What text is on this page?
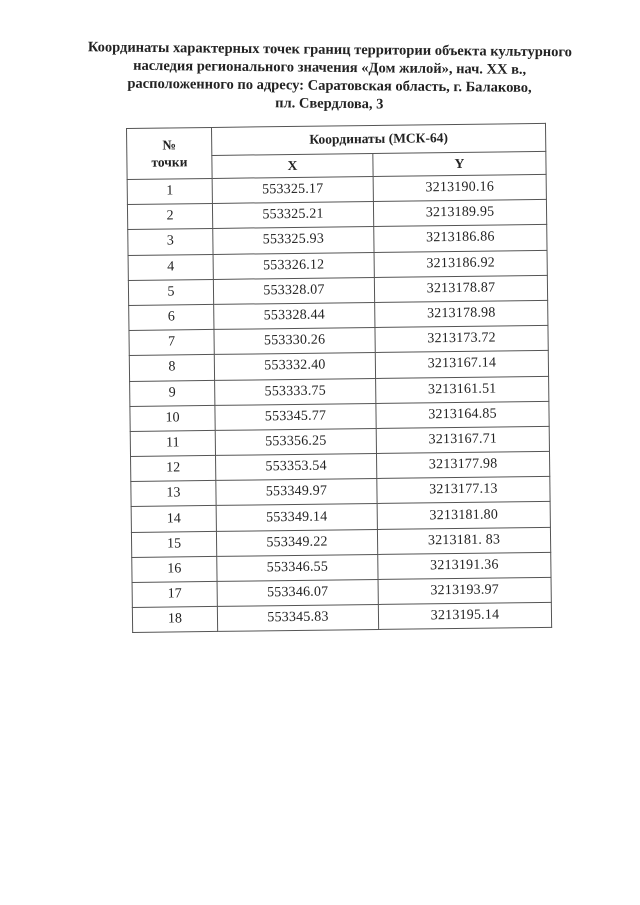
Координаты характерных точек границ территории объекта культурного
наследия регионального значения «Дом жилой», нач. XX в.,
расположенного по адресу: Саратовская область, г. Балаково,
пл. Свердлова, 3
№
точки	Координаты (МСК-64)	
	X	Y
1	553325.17	3213190.16
2	553325.21	3213189.95
3	553325.93	3213186.86
4	553326.12	3213186.92
5	553328.07	3213178.87
6	553328.44	3213178.98
7	553330.26	3213173.72
8	553332.40	3213167.14
9	553333.75	3213161.51
10	553345.77	3213164.85
11	553356.25	3213167.71
12	553353.54	3213177.98
13	553349.97	3213177.13
14	553349.14	3213181.80
15	553349.22	3213181. 83
16	553346.55	3213191.36
17	553346.07	3213193.97
18	553345.83	3213195.14
